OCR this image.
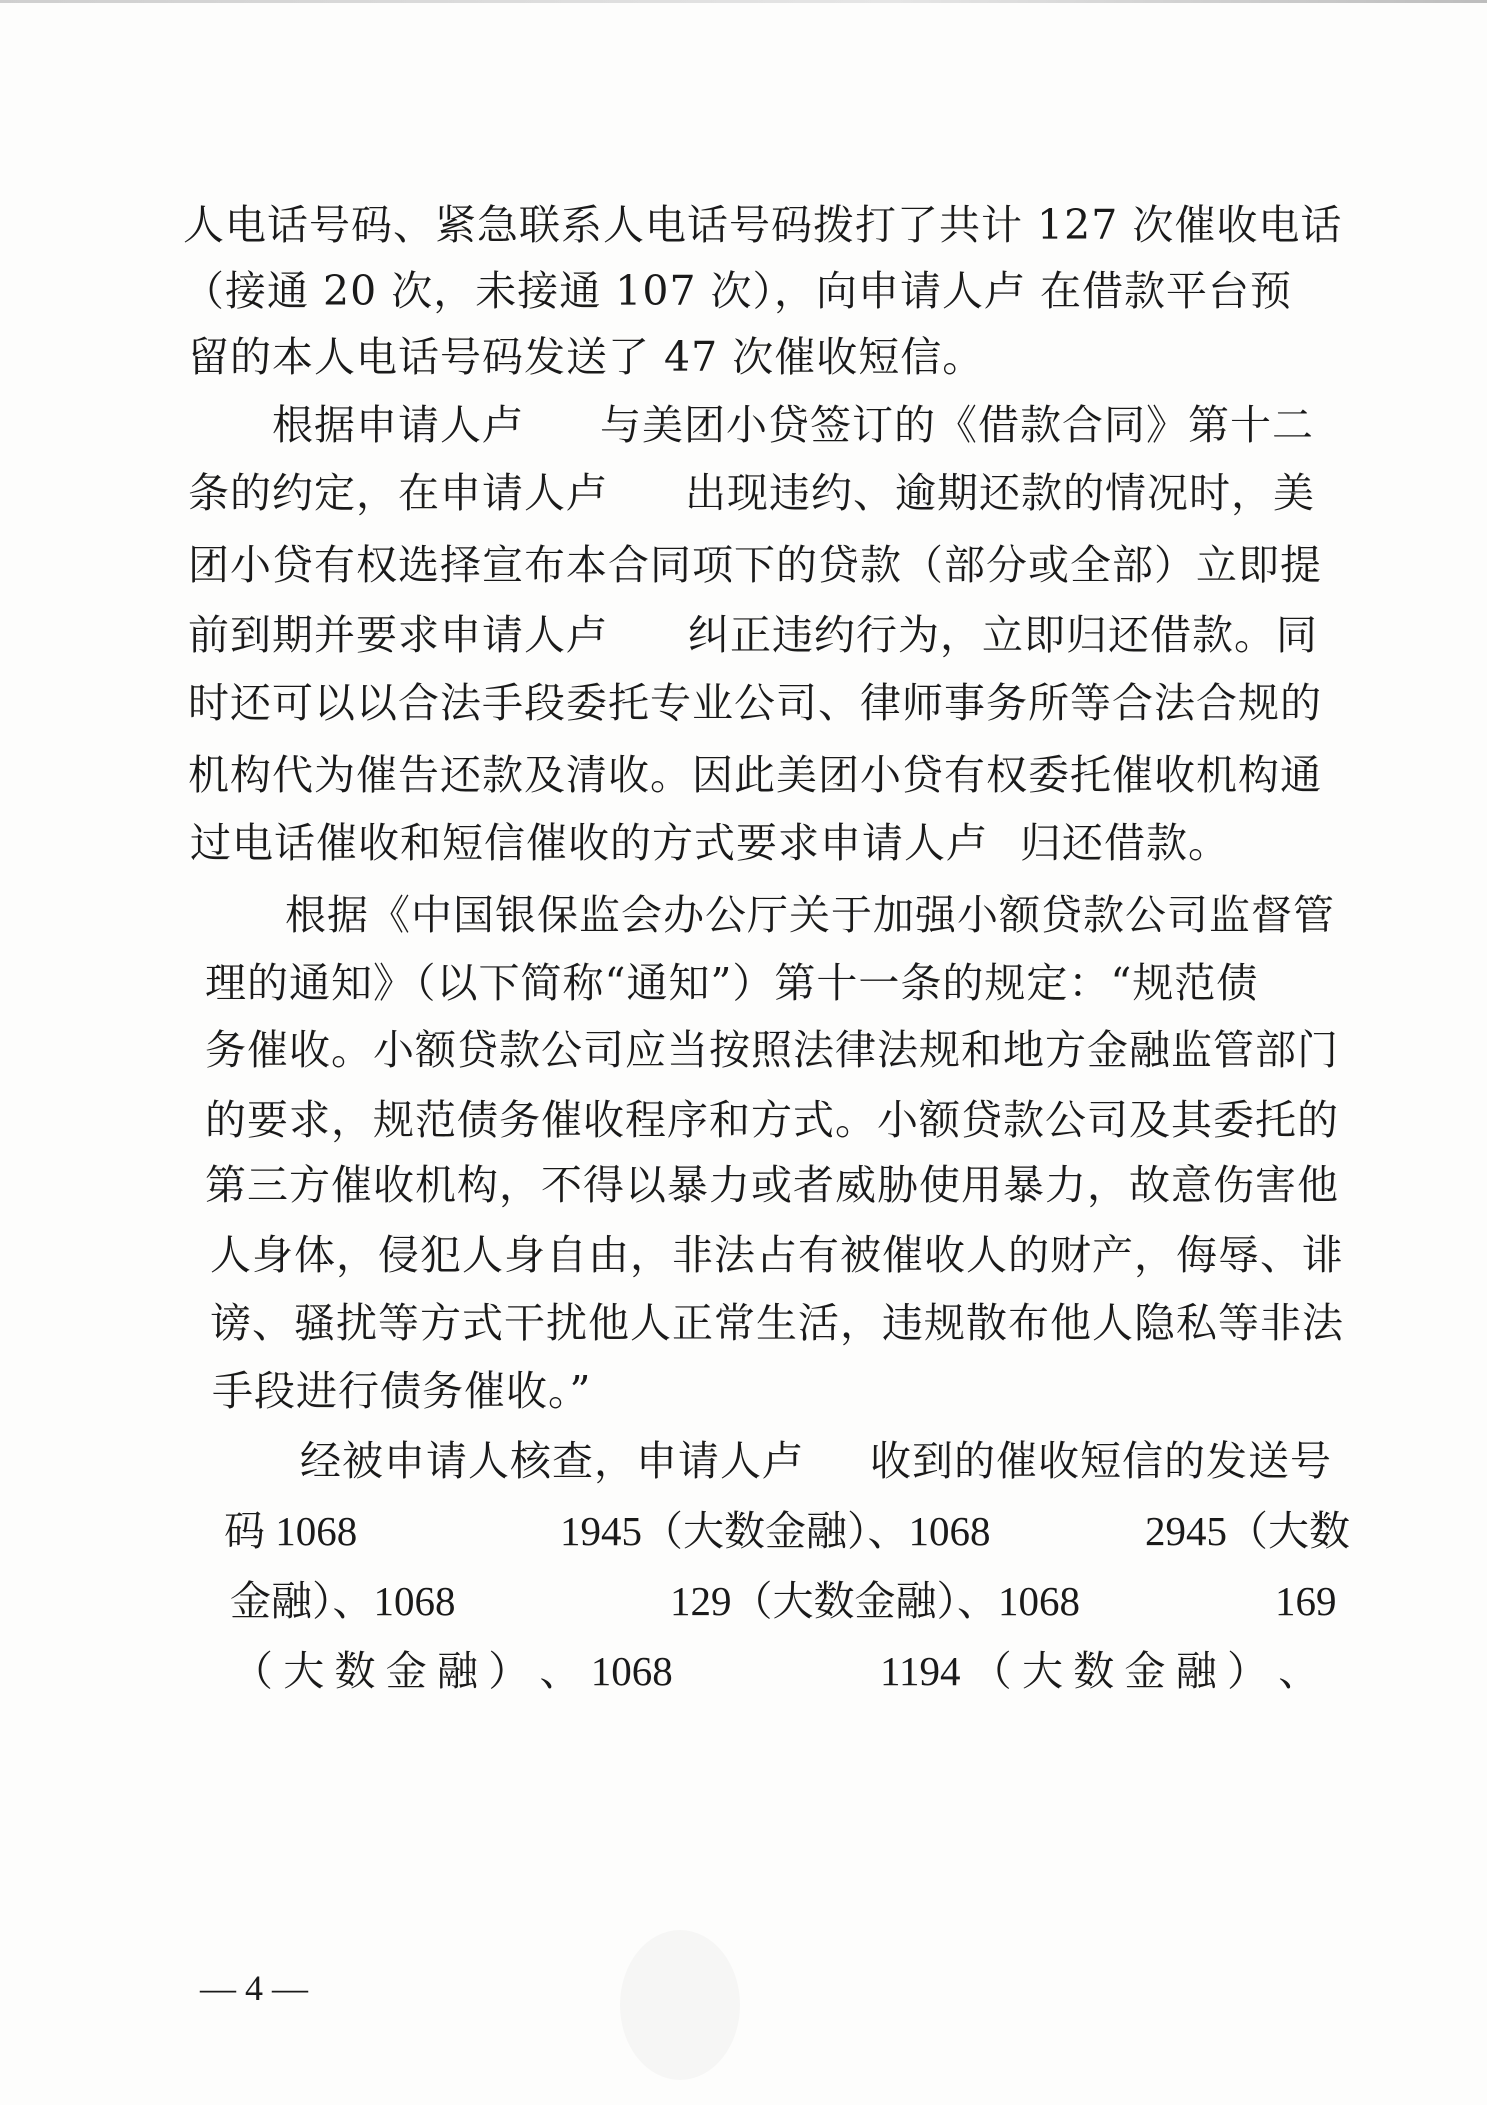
人电话号码、紧急联系人电话号码拨打了共计 127 次催收电话
（接通 20 次，未接通 107 次），向申请人卢 在借款平台预
留的本人电话号码发送了 47 次催收短信。
根据申请人卢 与美团小贷签订的《借款合同》第十二
条的约定，在申请人卢 出现违约、逾期还款的情况时，美
团小贷有权选择宣布本合同项下的贷款（部分或全部）立即提
前到期并要求申请人卢 纠正违约行为，立即归还借款。同
时还可以以合法手段委托专业公司、律师事务所等合法合规的
机构代为催告还款及清收。因此美团小贷有权委托催收机构通
过电话催收和短信催收的方式要求申请人卢 归还借款。
根据《中国银保监会办公厅关于加强小额贷款公司监督管
理的通知》（以下简称“通知”）第十一条的规定：“规范债
务催收。小额贷款公司应当按照法律法规和地方金融监管部门
的要求，规范债务催收程序和方式。小额贷款公司及其委托的
第三方催收机构，不得以暴力或者威胁使用暴力，故意伤害他
人身体，侵犯人身自由，非法占有被催收人的财产，侮辱、诽
谤、骚扰等方式干扰他人正常生活，违规散布他人隐私等非法
手段进行债务催收。”
经被申请人核查，申请人卢 收到的催收短信的发送号
码 1068	1945（大数金融）、1068	2945（大数
金融）、1068	129（大数金融）、1068	169
（ 大 数 金 融 ） 、 1068	1194 （ 大 数 金 融 ） 、
— 4 —
